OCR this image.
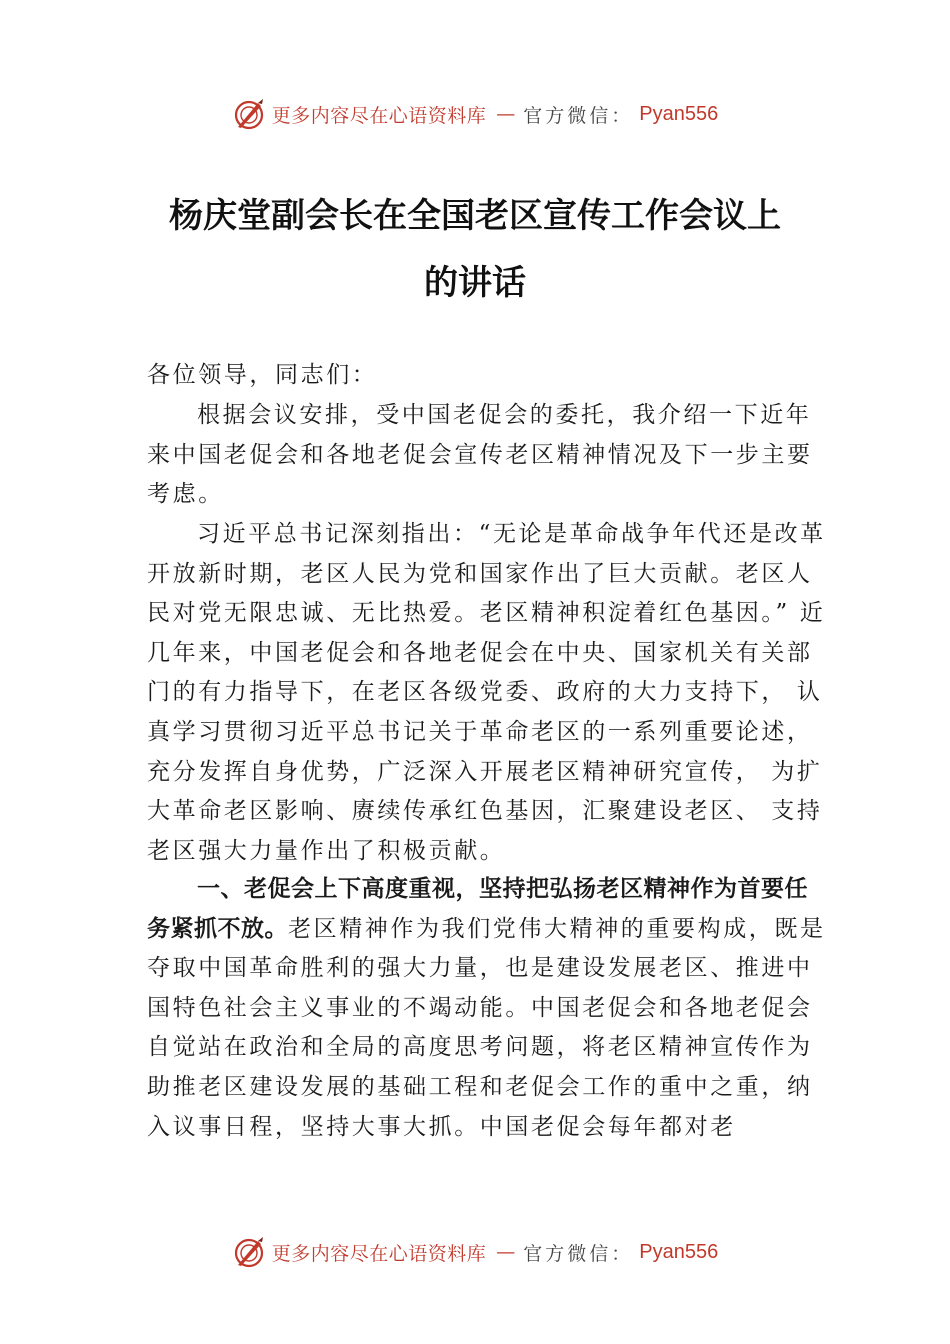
更多内容尽在心语资料库 — 官方微信： Pyan556
杨庆堂副会长在全国老区宣传工作会议上
的讲话

各位领导，同志们：

根据会议安排，受中国老促会的委托，我介绍一下近年来中国老促会和各地老促会宣传老区精神情况及下一步主要考虑。

习近平总书记深刻指出：“无论是革命战争年代还是改革开放新时期，老区人民为党和国家作出了巨大贡献。老区人民对党无限忠诚、无比热爱。老区精神积淀着红色基因。” 近几年来，中国老促会和各地老促会在中央、国家机关有关部门的有力指导下，在老区各级党委、政府的大力支持下， 认真学习贯彻习近平总书记关于革命老区的一系列重要论述，充分发挥自身优势，广泛深入开展老区精神研究宣传， 为扩大革命老区影响、赓续传承红色基因，汇聚建设老区、 支持老区强大力量作出了积极贡献。

一、老促会上下高度重视，坚持把弘扬老区精神作为首要任务紧抓不放。老区精神作为我们党伟大精神的重要构成，既是夺取中国革命胜利的强大力量，也是建设发展老区、推进中国特色社会主义事业的不竭动能。中国老促会和各地老促会自觉站在政治和全局的高度思考问题，将老区精神宣传作为助推老区建设发展的基础工程和老促会工作的重中之重，纳入议事日程，坚持大事大抓。中国老促会每年都对老

更多内容尽在心语资料库 — 官方微信： Pyan556
